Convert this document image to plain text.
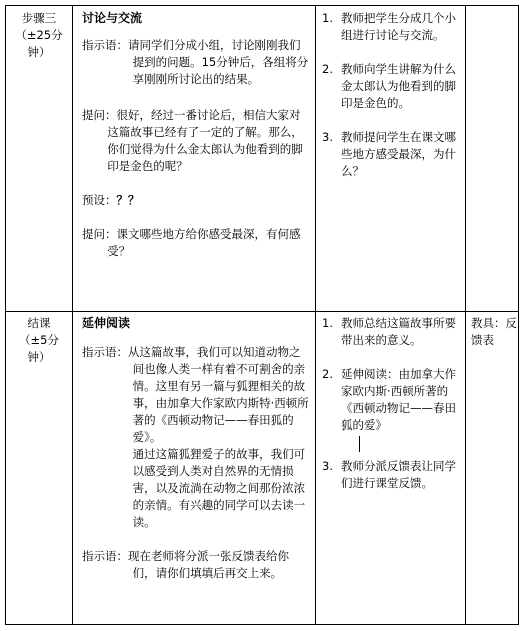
步骤三
（±25分
钟）
讨论与交流

指示语：请同学们分成小组，讨论刚刚我们提到的问题。15分钟后，各组将分享刚刚所讨论出的结果。

提问：很好，经过一番讨论后，相信大家对这篇故事已经有了一定的了解。那么，你们觉得为什么金太郎认为他看到的脚印是金色的呢？

预设：？？

提问：课文哪些地方给你感受最深，有何感受？

1. 教师把学生分成几个小组进行讨论与交流。
2. 教师向学生讲解为什么金太郎认为他看到的脚印是金色的。
3. 教师提问学生在课文哪些地方感受最深，为什么？
结课
（±5分
钟）
延伸阅读

指示语：从这篇故事，我们可以知道动物之间也像人类一样有着不可割舍的亲情。这里有另一篇与狐狸相关的故事，由加拿大作家欧内斯特·西顿所著的《西顿动物记——春田狐的爱》。

通过这篇狐狸爱子的故事，我们可以感受到人类对自然界的无情损害，以及流淌在动物之间那份浓浓的亲情。有兴趣的同学可以去读一读。

指示语：现在老师将分派一张反馈表给你们，请你们填填后再交上来。

1. 教师总结这篇故事所要带出来的意义。
2. 延伸阅读：由加拿大作家欧内斯·西顿所著的《西顿动物记——春田狐的爱》
3. 教师分派反馈表让同学们进行课堂反馈。
教具：反馈表
